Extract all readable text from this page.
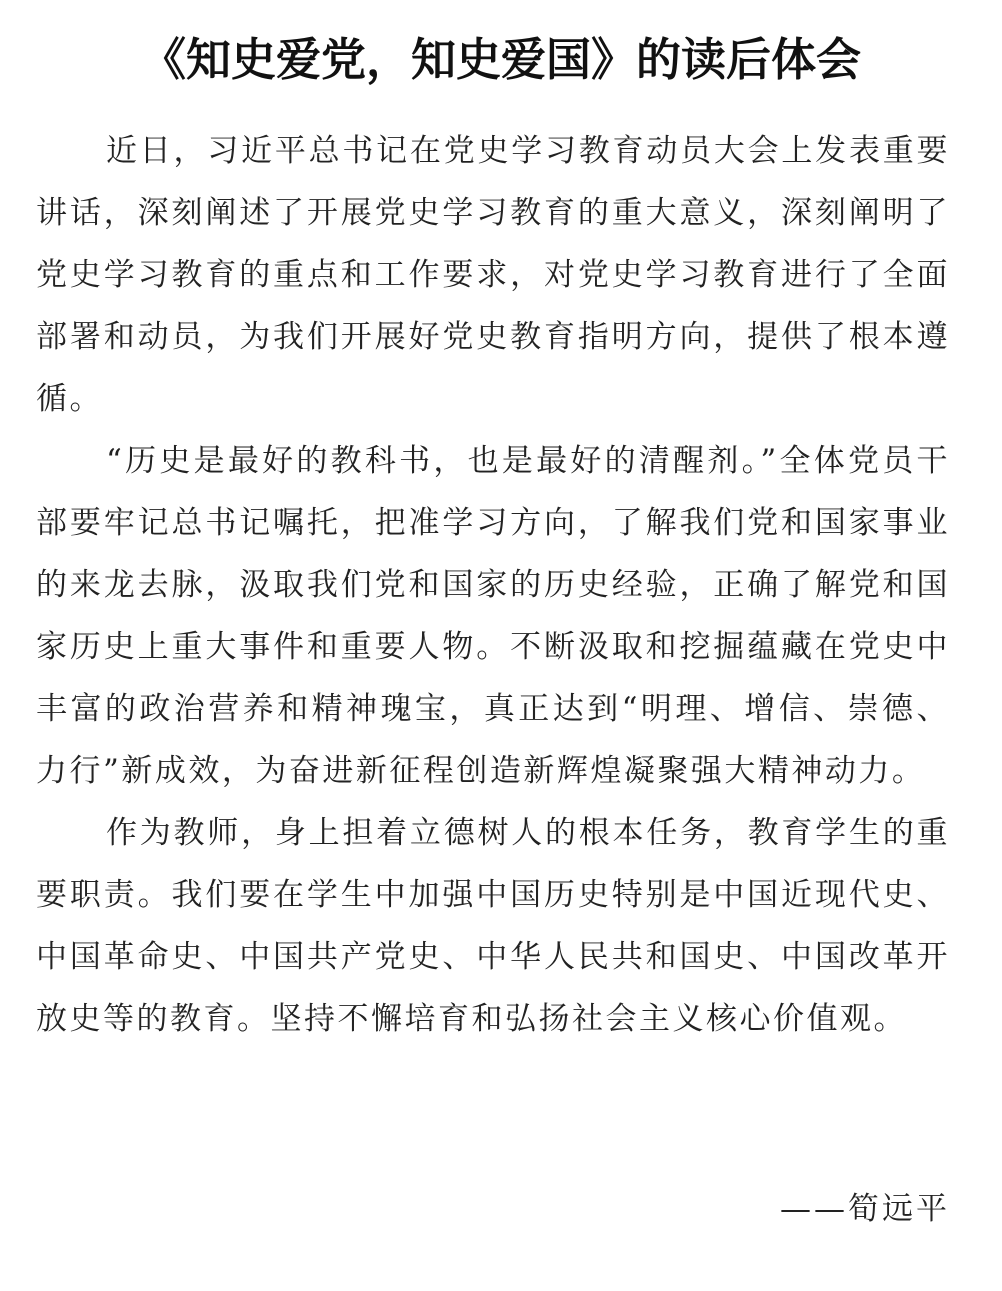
《知史爱党，知史爱国》的读后体会

近日，习近平总书记在党史学习教育动员大会上发表重要讲话，深刻阐述了开展党史学习教育的重大意义，深刻阐明了党史学习教育的重点和工作要求，对党史学习教育进行了全面部署和动员，为我们开展好党史教育指明方向，提供了根本遵循。

“历史是最好的教科书，也是最好的清醒剂。”全体党员干部要牢记总书记嘱托，把准学习方向，了解我们党和国家事业的来龙去脉，汲取我们党和国家的历史经验，正确了解党和国家历史上重大事件和重要人物。不断汲取和挖掘蕴藏在党史中丰富的政治营养和精神瑰宝，真正达到“明理、增信、崇德、力行”新成效，为奋进新征程创造新辉煌凝聚强大精神动力。

作为教师，身上担着立德树人的根本任务，教育学生的重要职责。我们要在学生中加强中国历史特别是中国近现代史、中国革命史、中国共产党史、中华人民共和国史、中国改革开放史等的教育。坚持不懈培育和弘扬社会主义核心价值观。

——筍远平
